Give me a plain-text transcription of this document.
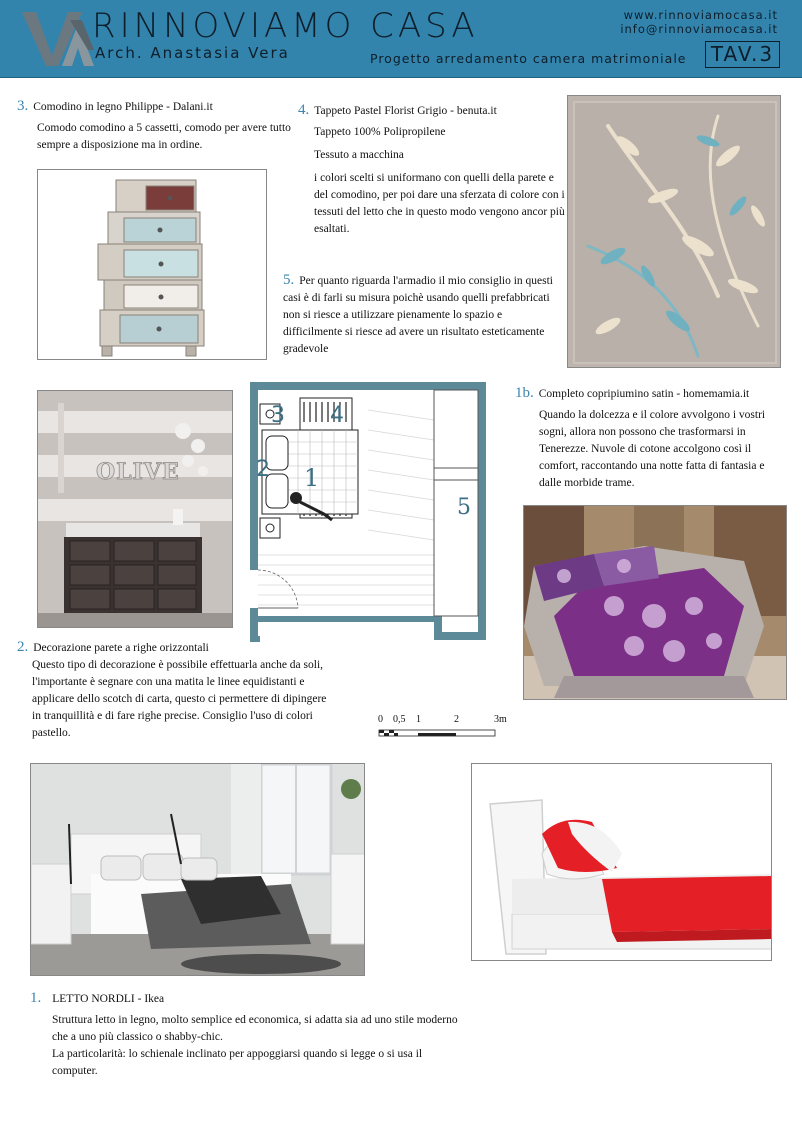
RINNOVIAMO CASA
Arch. Anastasia Vera
www.rinnoviamocasa.it
info@rinnoviamocasa.it
Progetto arredamento camera matrimoniale TAV.3

3. Comodino in legno Philippe - Dalani.it

Comodo comodino a 5 cassetti, comodo per avere tutto sempre a disposizione ma in ordine.

4. Tappeto Pastel Florist Grigio - benuta.it

Tappeto 100% Polipropilene

Tessuto a macchina

i colori scelti si uniformano con quelli della parete e del comodino, per poi dare una sferzata di colore con i tessuti del letto che in questo modo vengono ancor più esaltati.

5. Per quanto riguarda l'armadio il mio consiglio in questi casi è di farli su misura poichè usando quelli prefabbricati non si riesce a utilizzare pienamente lo spazio e difficilmente si riesce ad avere un risultato esteticamente gradevole

OLIVE
3 4
2 1
5
0 0,5 1	2	3m

1b. Completo copripiumino satin - homemamia.it

Quando la dolcezza e il colore avvolgono i vostri sogni, allora non possono che trasformarsi in Tenerezze. Nuvole di cotone accolgono così il comfort, raccontando una notte fatta di fantasia e dalle morbide trame.

2. Decorazione parete a righe orizzontali

Questo tipo di decorazione è possibile effettuarla anche da soli, l'importante è segnare con una matita le linee equidistanti e applicare dello scotch di carta, questo ci permettere di dipingere in tranquillità e di fare righe precise. Consiglio l'uso di colori pastello.

1. LETTO NORDLI - Ikea

Struttura letto in legno, molto semplice ed economica, si adatta sia ad uno stile moderno che a uno più classico o shabby-chic.

La particolarità: lo schienale inclinato per appoggiarsi quando si legge o si usa il computer.
